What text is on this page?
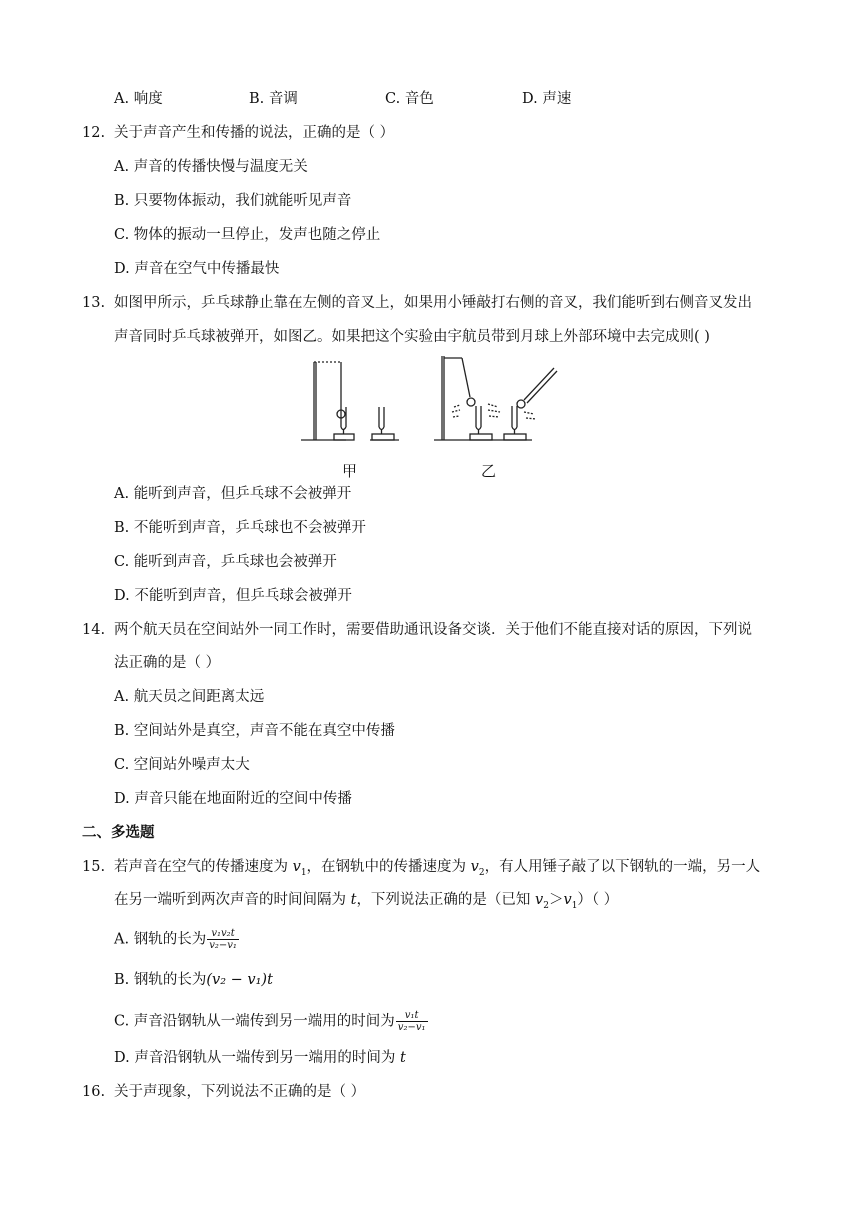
A. 响度	B. 音调	C. 音色	D. 声速
12. 关于声音产生和传播的说法，正确的是（ ）
A. 声音的传播快慢与温度无关
B. 只要物体振动，我们就能听见声音
C. 物体的振动一旦停止，发声也随之停止
D. 声音在空气中传播最快
13. 如图甲所示，乒乓球静止靠在左侧的音叉上，如果用小锤敲打右侧的音叉，我们能听到右侧音叉发出
声音同时乒乓球被弹开，如图乙。如果把这个实验由宇航员带到月球上外部环境中去完成则( )
甲	乙
A. 能听到声音，但乒乓球不会被弹开
B. 不能听到声音，乒乓球也不会被弹开
C. 能听到声音，乒乓球也会被弹开
D. 不能听到声音，但乒乓球会被弹开
14. 两个航天员在空间站外一同工作时，需要借助通讯设备交谈．关于他们不能直接对话的原因，下列说
法正确的是（ ）
A. 航天员之间距离太远
B. 空间站外是真空，声音不能在真空中传播
C. 空间站外噪声太大
D. 声音只能在地面附近的空间中传播
二、多选题
15. 若声音在空气的传播速度为 $v_1$，在钢轨中的传播速度为 $v_2$，有人用锤子敲了以下钢轨的一端，另一人
在另一端听到两次声音的时间间隔为 t，下列说法正确的是（已知 $v_2>v_1$）（ ）
A. 钢轨的长为 $\frac{\text{v₁v₂t}}{\text{v₂−v₁}}$
B. 钢轨的长为(v₂ − v₁)t
C. 声音沿钢轨从一端传到另一端用的时间为 $\frac{\text{v₁t}}{\text{v₂−v₁}}$
D. 声音沿钢轨从一端传到另一端用的时间为 t
16. 关于声现象，下列说法不正确的是（ ）
